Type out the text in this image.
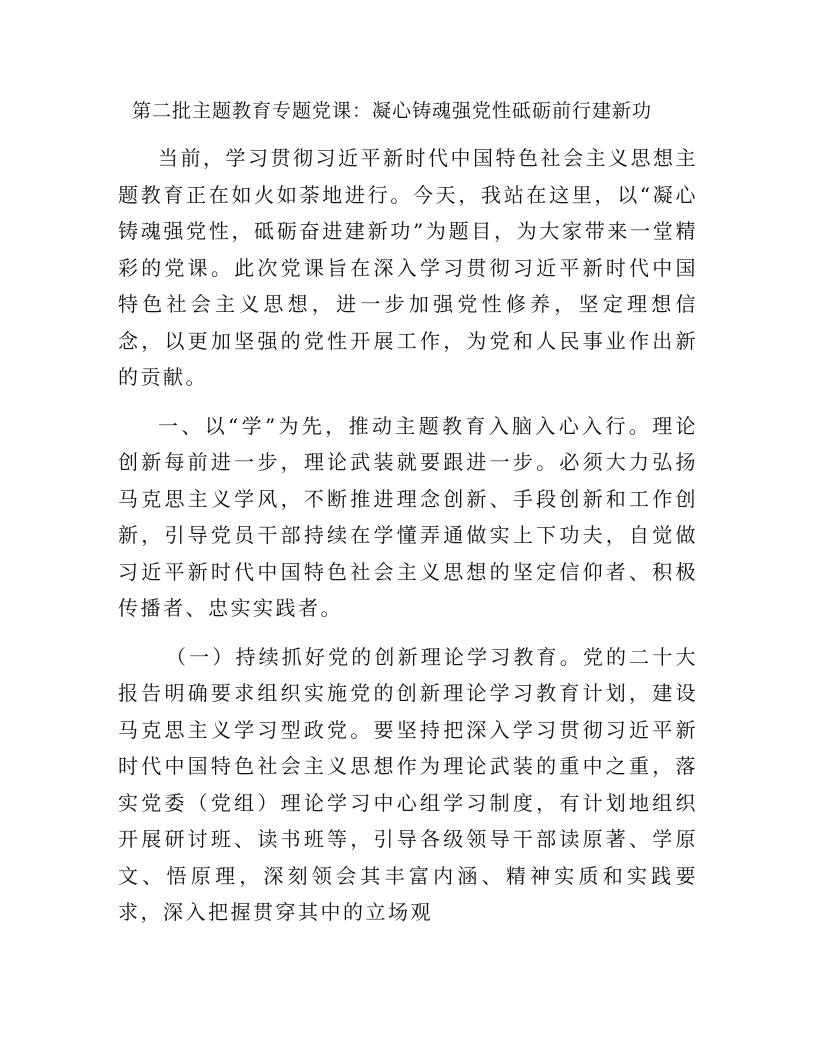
第二批主题教育专题党课：凝心铸魂强党性砥砺前行建新功

当前，学习贯彻习近平新时代中国特色社会主义思想主题教育正在如火如荼地进行。今天，我站在这里，以“凝心铸魂强党性，砥砺奋进建新功”为题目，为大家带来一堂精彩的党课。此次党课旨在深入学习贯彻习近平新时代中国特色社会主义思想，进一步加强党性修养，坚定理想信念，以更加坚强的党性开展工作，为党和人民事业作出新的贡献。

一、以“学”为先，推动主题教育入脑入心入行。理论创新每前进一步，理论武装就要跟进一步。必须大力弘扬马克思主义学风，不断推进理念创新、手段创新和工作创新，引导党员干部持续在学懂弄通做实上下功夫，自觉做习近平新时代中国特色社会主义思想的坚定信仰者、积极传播者、忠实实践者。

（一）持续抓好党的创新理论学习教育。党的二十大报告明确要求组织实施党的创新理论学习教育计划，建设马克思主义学习型政党。要坚持把深入学习贯彻习近平新时代中国特色社会主义思想作为理论武装的重中之重，落实党委（党组）理论学习中心组学习制度，有计划地组织开展研讨班、读书班等，引导各级领导干部读原著、学原文、悟原理，深刻领会其丰富内涵、精神实质和实践要求，深入把握贯穿其中的立场观
